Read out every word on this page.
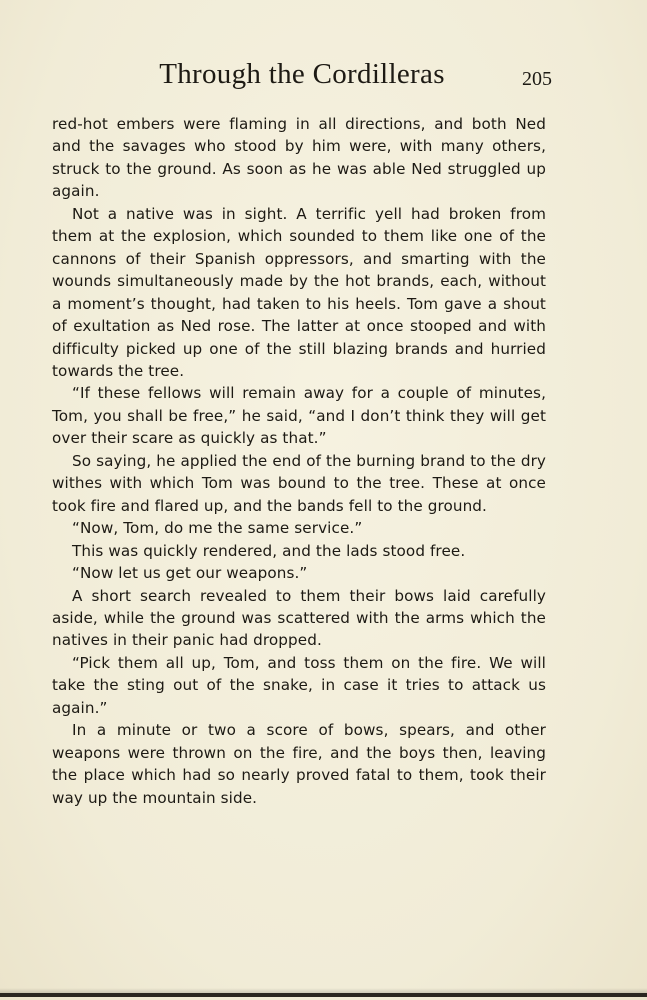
Through the Cordilleras	205

red-hot embers were flaming in all directions, and both Ned and the savages who stood by him were, with many others, struck to the ground. As soon as he was able Ned struggled up again.

Not a native was in sight. A terrific yell had broken from them at the explosion, which sounded to them like one of the cannons of their Spanish oppressors, and smarting with the wounds simultaneously made by the hot brands, each, without a moment’s thought, had taken to his heels. Tom gave a shout of exultation as Ned rose. The latter at once stooped and with difficulty picked up one of the still blazing brands and hurried towards the tree.

“If these fellows will remain away for a couple of minutes, Tom, you shall be free,” he said, “and I don’t think they will get over their scare as quickly as that.”

So saying, he applied the end of the burning brand to the dry withes with which Tom was bound to the tree. These at once took fire and flared up, and the bands fell to the ground.

“Now, Tom, do me the same service.”

This was quickly rendered, and the lads stood free.

“Now let us get our weapons.”

A short search revealed to them their bows laid carefully aside, while the ground was scattered with the arms which the natives in their panic had dropped.

“Pick them all up, Tom, and toss them on the fire. We will take the sting out of the snake, in case it tries to attack us again.”

In a minute or two a score of bows, spears, and other weapons were thrown on the fire, and the boys then, leaving the place which had so nearly proved fatal to them, took their way up the mountain side.
